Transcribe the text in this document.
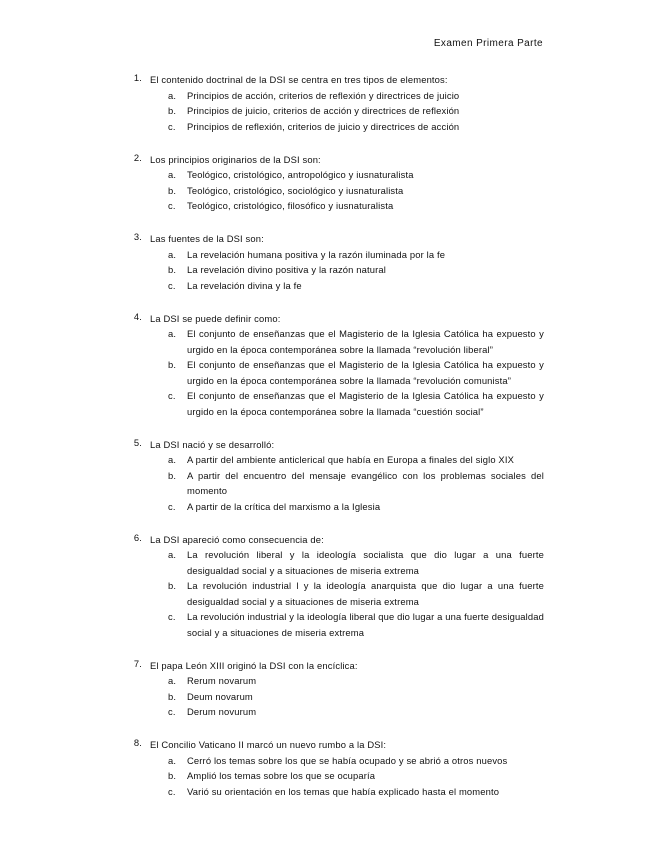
Examen Primera Parte
1. El contenido doctrinal de la DSI se centra en tres tipos de elementos:
a. Principios de acción, criterios de reflexión y directrices de juicio
b. Principios de juicio, criterios de acción y directrices de reflexión
c. Principios de reflexión, criterios de juicio y directrices de acción
2. Los principios originarios de la DSI son:
a. Teológico, cristológico, antropológico y iusnaturalista
b. Teológico, cristológico, sociológico y iusnaturalista
c. Teológico, cristológico, filosófico y iusnaturalista
3. Las fuentes de la DSI son:
a. La revelación humana positiva y la razón iluminada por la fe
b. La revelación divino positiva y la razón natural
c. La revelación divina y la fe
4. La DSI se puede definir como:
a. El conjunto de enseñanzas que el Magisterio de la Iglesia Católica ha expuesto y urgido en la época contemporánea sobre la llamada “revolución liberal”
b. El conjunto de enseñanzas que el Magisterio de la Iglesia Católica ha expuesto y urgido en la época contemporánea sobre la llamada “revolución comunista”
c. El conjunto de enseñanzas que el Magisterio de la Iglesia Católica ha expuesto y urgido en la época contemporánea sobre la llamada “cuestión social”
5. La DSI nació y se desarrolló:
a. A partir del ambiente anticlerical que había en Europa a finales del siglo XIX
b. A partir del encuentro del mensaje evangélico con los problemas sociales del momento
c. A partir de la crítica del marxismo a la Iglesia
6. La DSI apareció como consecuencia de:
a. La revolución liberal y la ideología socialista que dio lugar a una fuerte desigualdad social y a situaciones de miseria extrema
b. La revolución industrial l y la ideología anarquista que dio lugar a una fuerte desigualdad social y a situaciones de miseria extrema
c. La revolución industrial y la ideología liberal que dio lugar a una fuerte desigualdad social y a situaciones de miseria extrema
7. El papa León XIII originó la DSI con la encíclica:
a. Rerum novarum
b. Deum novarum
c. Derum novurum
8. El Concilio Vaticano II marcó un nuevo rumbo a la DSI:
a. Cerró los temas sobre los que se había ocupado y se abrió a otros nuevos
b. Amplió los temas sobre los que se ocuparía
c. Varió su orientación en los temas que había explicado hasta el momento
